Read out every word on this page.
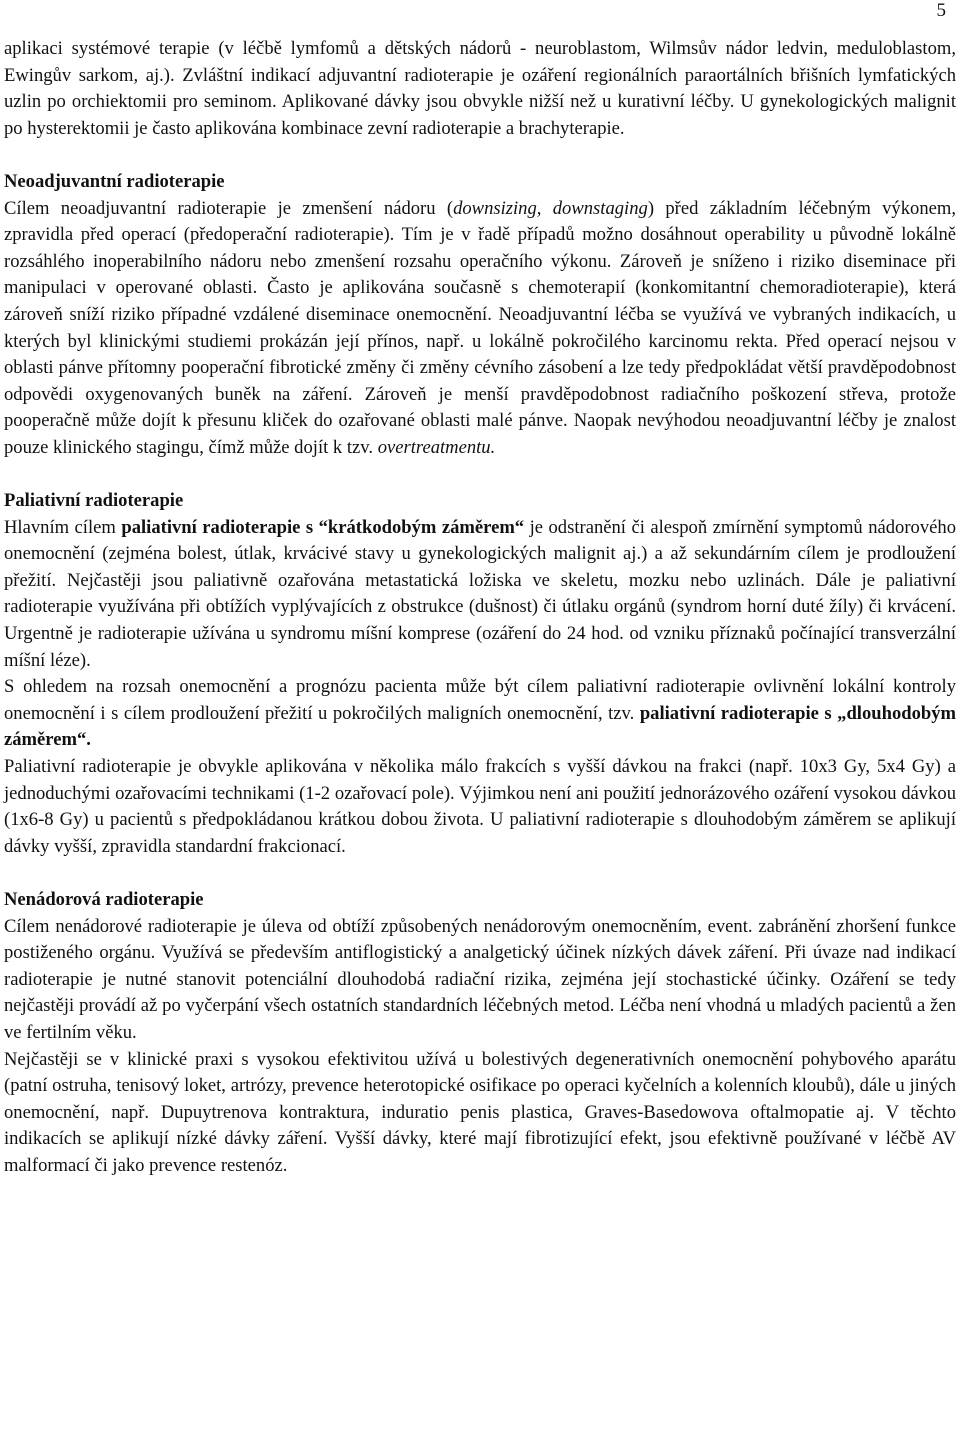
5

aplikaci systémové terapie (v léčbě lymfomů a dětských nádorů - neuroblastom, Wilmsův nádor ledvin, meduloblastom, Ewingův sarkom, aj.). Zvláštní indikací adjuvantní radioterapie je ozáření regionálních paraortálních břišních lymfatických uzlin po orchiektomii pro seminom. Aplikované dávky jsou obvykle nižší než u kurativní léčby. U gynekologických malignit po hysterektomii je často aplikována kombinace zevní radioterapie a brachyterapie.

Neoadjuvantní radioterapie

Cílem neoadjuvantní radioterapie je zmenšení nádoru (downsizing, downstaging) před základním léčebným výkonem, zpravidla před operací (předoperační radioterapie). Tím je v řadě případů možno dosáhnout operability u původně lokálně rozsáhlého inoperabilního nádoru nebo zmenšení rozsahu operačního výkonu. Zároveň je sníženo i riziko diseminace při manipulaci v operované oblasti. Často je aplikována současně s chemoterapií (konkomitantní chemoradioterapie), která zároveň sníží riziko případné vzdálené diseminace onemocnění. Neoadjuvantní léčba se využívá ve vybraných indikacích, u kterých byl klinickými studiemi prokázán její přínos, např. u lokálně pokročilého karcinomu rekta. Před operací nejsou v oblasti pánve přítomny pooperační fibrotické změny či změny cévního zásobení a lze tedy předpokládat větší pravděpodobnost odpovědi oxygenovaných buněk na záření. Zároveň je menší pravděpodobnost radiačního poškození střeva, protože pooperačně může dojít k přesunu kliček do ozařované oblasti malé pánve. Naopak nevýhodou neoadjuvantní léčby je znalost pouze klinického stagingu, čímž může dojít k tzv. overtreatmentu.

Paliativní radioterapie

Hlavním cílem paliativní radioterapie s “krátkodobým záměrem“ je odstranění či alespoň zmírnění symptomů nádorového onemocnění (zejména bolest, útlak, krvácivé stavy u gynekologických malignit aj.) a až sekundárním cílem je prodloužení přežití. Nejčastěji jsou paliativně ozařována metastatická ložiska ve skeletu, mozku nebo uzlinách. Dále je paliativní radioterapie využívána při obtížích vyplývajících z obstrukce (dušnost) či útlaku orgánů (syndrom horní duté žíly) či krvácení. Urgentně je radioterapie užívána u syndromu míšní komprese (ozáření do 24 hod. od vzniku příznaků počínající transverzální míšní léze).

S ohledem na rozsah onemocnění a prognózu pacienta může být cílem paliativní radioterapie ovlivnění lokální kontroly onemocnění i s cílem prodloužení přežití u pokročilých maligních onemocnění, tzv. paliativní radioterapie s „dlouhodobým záměrem“.

Paliativní radioterapie je obvykle aplikována v několika málo frakcích s vyšší dávkou na frakci (např. 10x3 Gy, 5x4 Gy) a jednoduchými ozařovacími technikami (1-2 ozařovací pole). Výjimkou není ani použití jednorázového ozáření vysokou dávkou (1x6-8 Gy) u pacientů s předpokládanou krátkou dobou života. U paliativní radioterapie s dlouhodobým záměrem se aplikují dávky vyšší, zpravidla standardní frakcionací.

Nenádorová radioterapie

Cílem nenádorové radioterapie je úleva od obtíží způsobených nenádorovým onemocněním, event. zabránění zhoršení funkce postiženého orgánu. Využívá se především antiflogistický a analgetický účinek nízkých dávek záření. Při úvaze nad indikací radioterapie je nutné stanovit potenciální dlouhodobá radiační rizika, zejména její stochastické účinky. Ozáření se tedy nejčastěji provádí až po vyčerpání všech ostatních standardních léčebných metod. Léčba není vhodná u mladých pacientů a žen ve fertilním věku.

Nejčastěji se v klinické praxi s vysokou efektivitou užívá u bolestivých degenerativních onemocnění pohybového aparátu (patní ostruha, tenisový loket, artrózy, prevence heterotopické osifikace po operaci kyčelních a kolenních kloubů), dále u jiných onemocnění, např. Dupuytrenova kontraktura, induratio penis plastica, Graves-Basedowova oftalmopatie aj. V těchto indikacích se aplikují nízké dávky záření. Vyšší dávky, které mají fibrotizující efekt, jsou efektivně používané v léčbě AV malformací či jako prevence restenóz.
